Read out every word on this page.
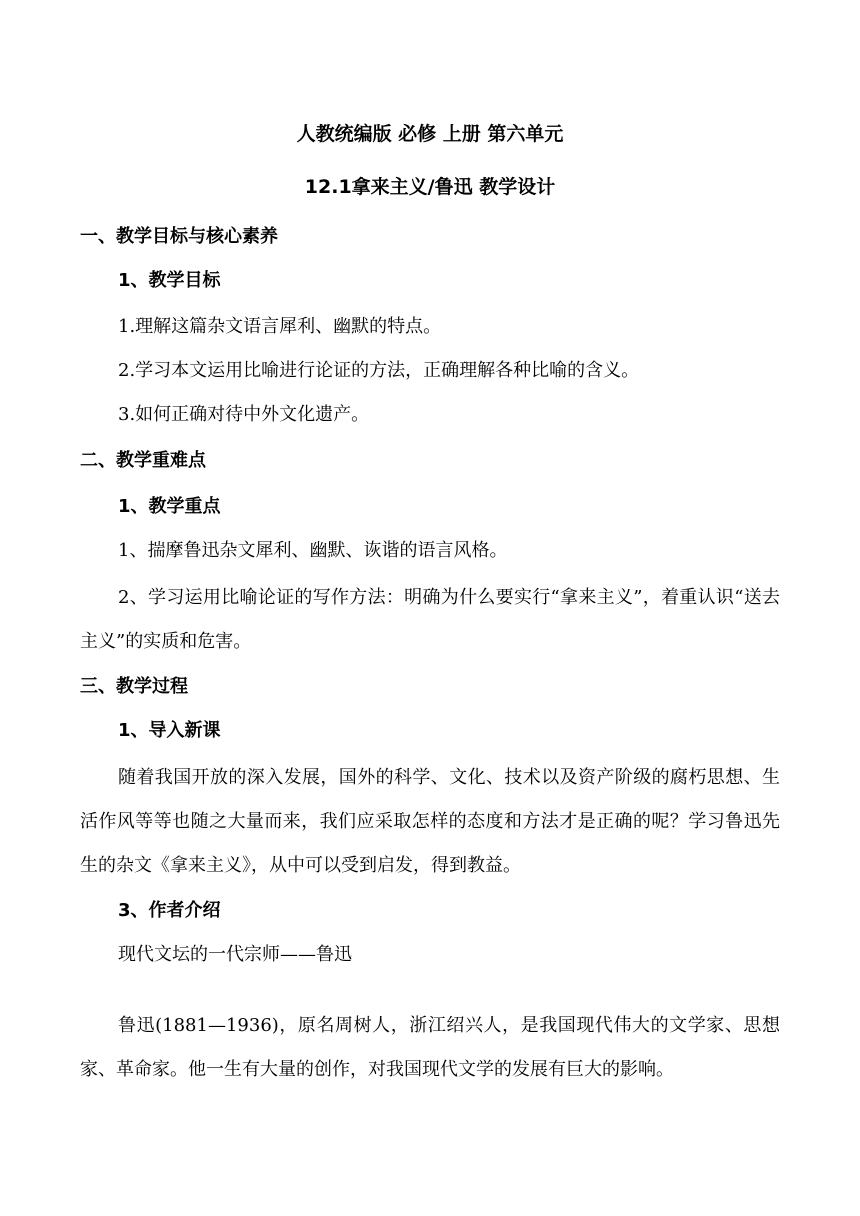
人教统编版 必修 上册 第六单元
12.1拿来主义/鲁迅 教学设计
一、教学目标与核心素养
1、教学目标
1.理解这篇杂文语言犀利、幽默的特点。
2.学习本文运用比喻进行论证的方法，正确理解各种比喻的含义。
3.如何正确对待中外文化遗产。
二、教学重难点
1、教学重点
1、揣摩鲁迅杂文犀利、幽默、诙谐的语言风格。
2、学习运用比喻论证的写作方法：明确为什么要实行“拿来主义”，着重认识“送去主义”的实质和危害。
三、教学过程
1、导入新课
随着我国开放的深入发展，国外的科学、文化、技术以及资产阶级的腐朽思想、生活作风等等也随之大量而来，我们应采取怎样的态度和方法才是正确的呢？学习鲁迅先生的杂文《拿来主义》，从中可以受到启发，得到教益。
3、作者介绍
现代文坛的一代宗师——鲁迅
鲁迅(1881—1936)，原名周树人，浙江绍兴人，是我国现代伟大的文学家、思想家、革命家。他一生有大量的创作，对我国现代文学的发展有巨大的影响。
